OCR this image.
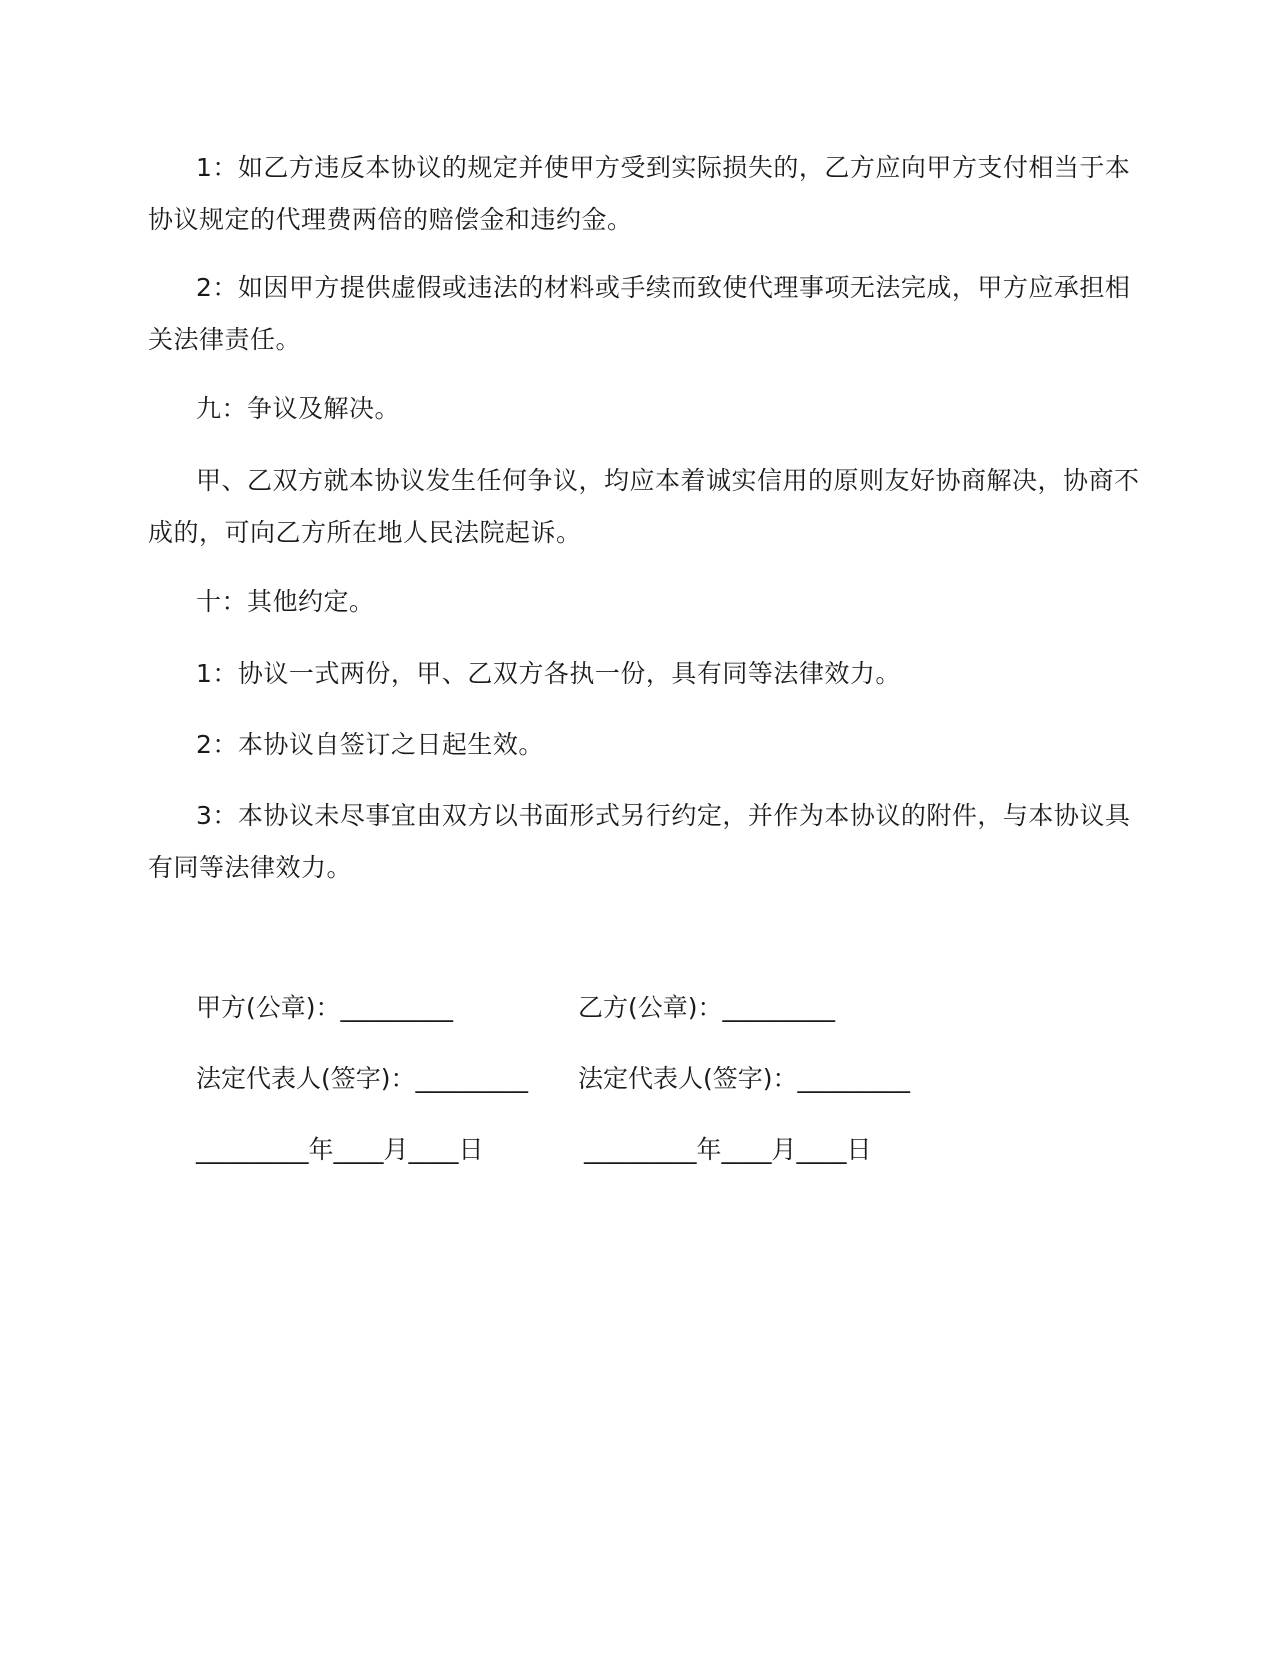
1：如乙方违反本协议的规定并使甲方受到实际损失的，乙方应向甲方支付相当于本
协议规定的代理费两倍的赔偿金和违约金。
2：如因甲方提供虚假或违法的材料或手续而致使代理事项无法完成，甲方应承担相
关法律责任。
九：争议及解决。
甲、乙双方就本协议发生任何争议，均应本着诚实信用的原则友好协商解决，协商不
成的，可向乙方所在地人民法院起诉。
十：其他约定。
1：协议一式两份，甲、乙双方各执一份，具有同等法律效力。
2：本协议自签订之日起生效。
3：本协议未尽事宜由双方以书面形式另行约定，并作为本协议的附件，与本协议具
有同等法律效力。
甲方(公章)：_________	乙方(公章)：_________
法定代表人(签字)：_________ 法定代表人(签字)：_________
_________年____月____日	_________年____月____日
